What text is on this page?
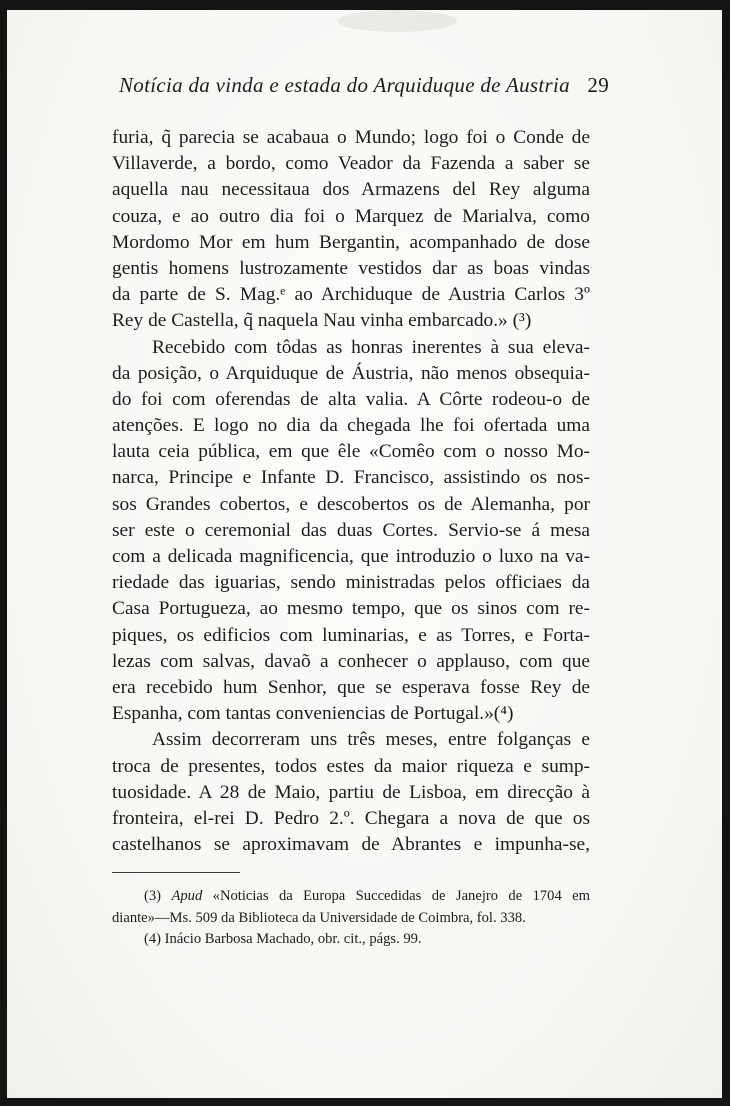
Notícia da vinda e estada do Arquiduque de Austria 29
furia, q̃ parecia se acabaua o Mundo; logo foi o Conde de
Villaverde, a bordo, como Veador da Fazenda a saber se
aquella nau necessitaua dos Armazens del Rey alguma
couza, e ao outro dia foi o Marquez de Marialva, como
Mordomo Mor em hum Bergantin, acompanhado de dose
gentis homens lustrozamente vestidos dar as boas vindas
da parte de S. Mag.ᵉ ao Archiduque de Austria Carlos 3º
Rey de Castella, q̃ naquela Nau vinha embarcado.» (³)
Recebido com tôdas as honras inerentes à sua eleva-
da posição, o Arquiduque de Áustria, não menos obsequia-
do foi com oferendas de alta valia. A Côrte rodeou-o de
atenções. E logo no dia da chegada lhe foi ofertada uma
lauta ceia pública, em que êle «Comêo com o nosso Mo-
narca, Principe e Infante D. Francisco, assistindo os nos-
sos Grandes cobertos, e descobertos os de Alemanha, por
ser este o ceremonial das duas Cortes. Servio-se á mesa
com a delicada magnificencia, que introduzio o luxo na va-
riedade das iguarias, sendo ministradas pelos officiaes da
Casa Portugueza, ao mesmo tempo, que os sinos com re-
piques, os edificios com luminarias, e as Torres, e Forta-
lezas com salvas, davaõ a conhecer o applauso, com que
era recebido hum Senhor, que se esperava fosse Rey de
Espanha, com tantas conveniencias de Portugal.»(⁴)
Assim decorreram uns três meses, entre folganças e
troca de presentes, todos estes da maior riqueza e sump-
tuosidade. A 28 de Maio, partiu de Lisboa, em direcção à
fronteira, el-rei D. Pedro 2.º. Chegara a nova de que os
castelhanos se aproximavam de Abrantes e impunha-se,
(3) Apud «Noticias da Europa Succedidas de Janejro de 1704 em
diante»—Ms. 509 da Biblioteca da Universidade de Coimbra, fol. 338.
(4) Inácio Barbosa Machado, obr. cit., págs. 99.
